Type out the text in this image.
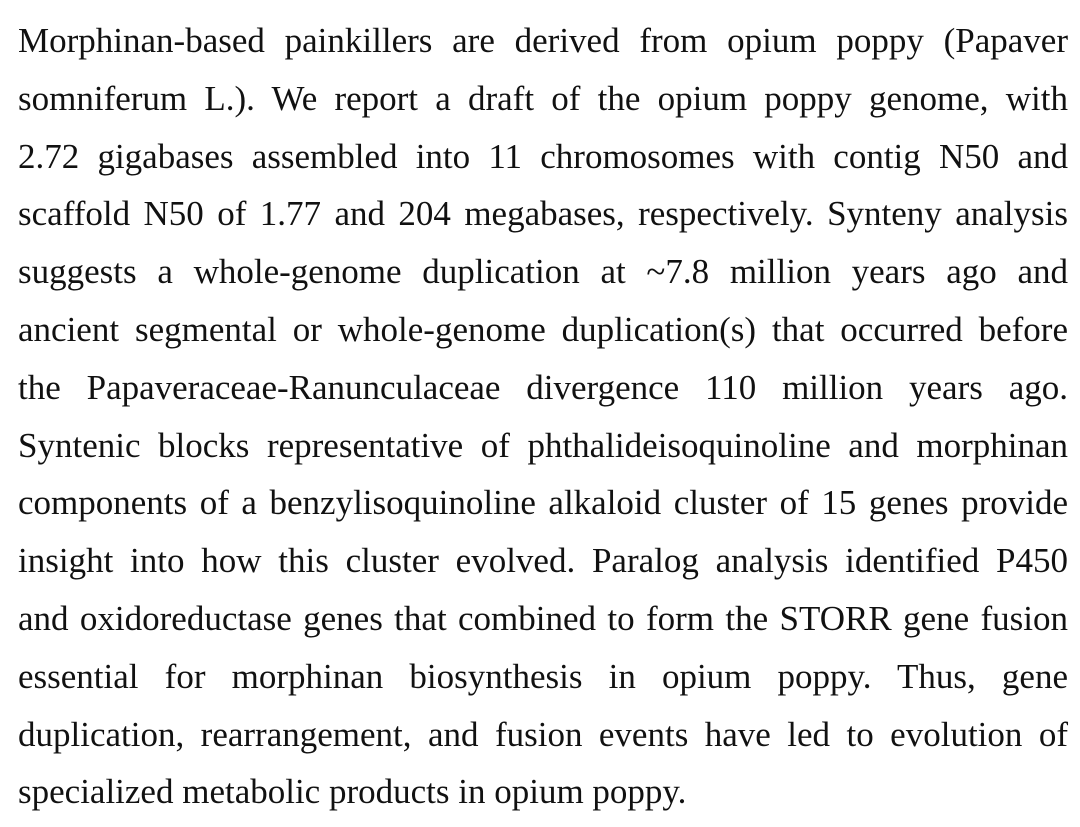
Morphinan-based painkillers are derived from opium poppy (Papaver
somniferum L.). We report a draft of the opium poppy genome, with
2.72 gigabases assembled into 11 chromosomes with contig N50 and
scaffold N50 of 1.77 and 204 megabases, respectively. Synteny analysis
suggests a whole-genome duplication at ~7.8 million years ago and
ancient segmental or whole-genome duplication(s) that occurred before
the Papaveraceae-Ranunculaceae divergence 110 million years ago.
Syntenic blocks representative of phthalideisoquinoline and morphinan
components of a benzylisoquinoline alkaloid cluster of 15 genes provide
insight into how this cluster evolved. Paralog analysis identified P450
and oxidoreductase genes that combined to form the STORR gene fusion
essential for morphinan biosynthesis in opium poppy. Thus, gene
duplication, rearrangement, and fusion events have led to evolution of
specialized metabolic products in opium poppy.
